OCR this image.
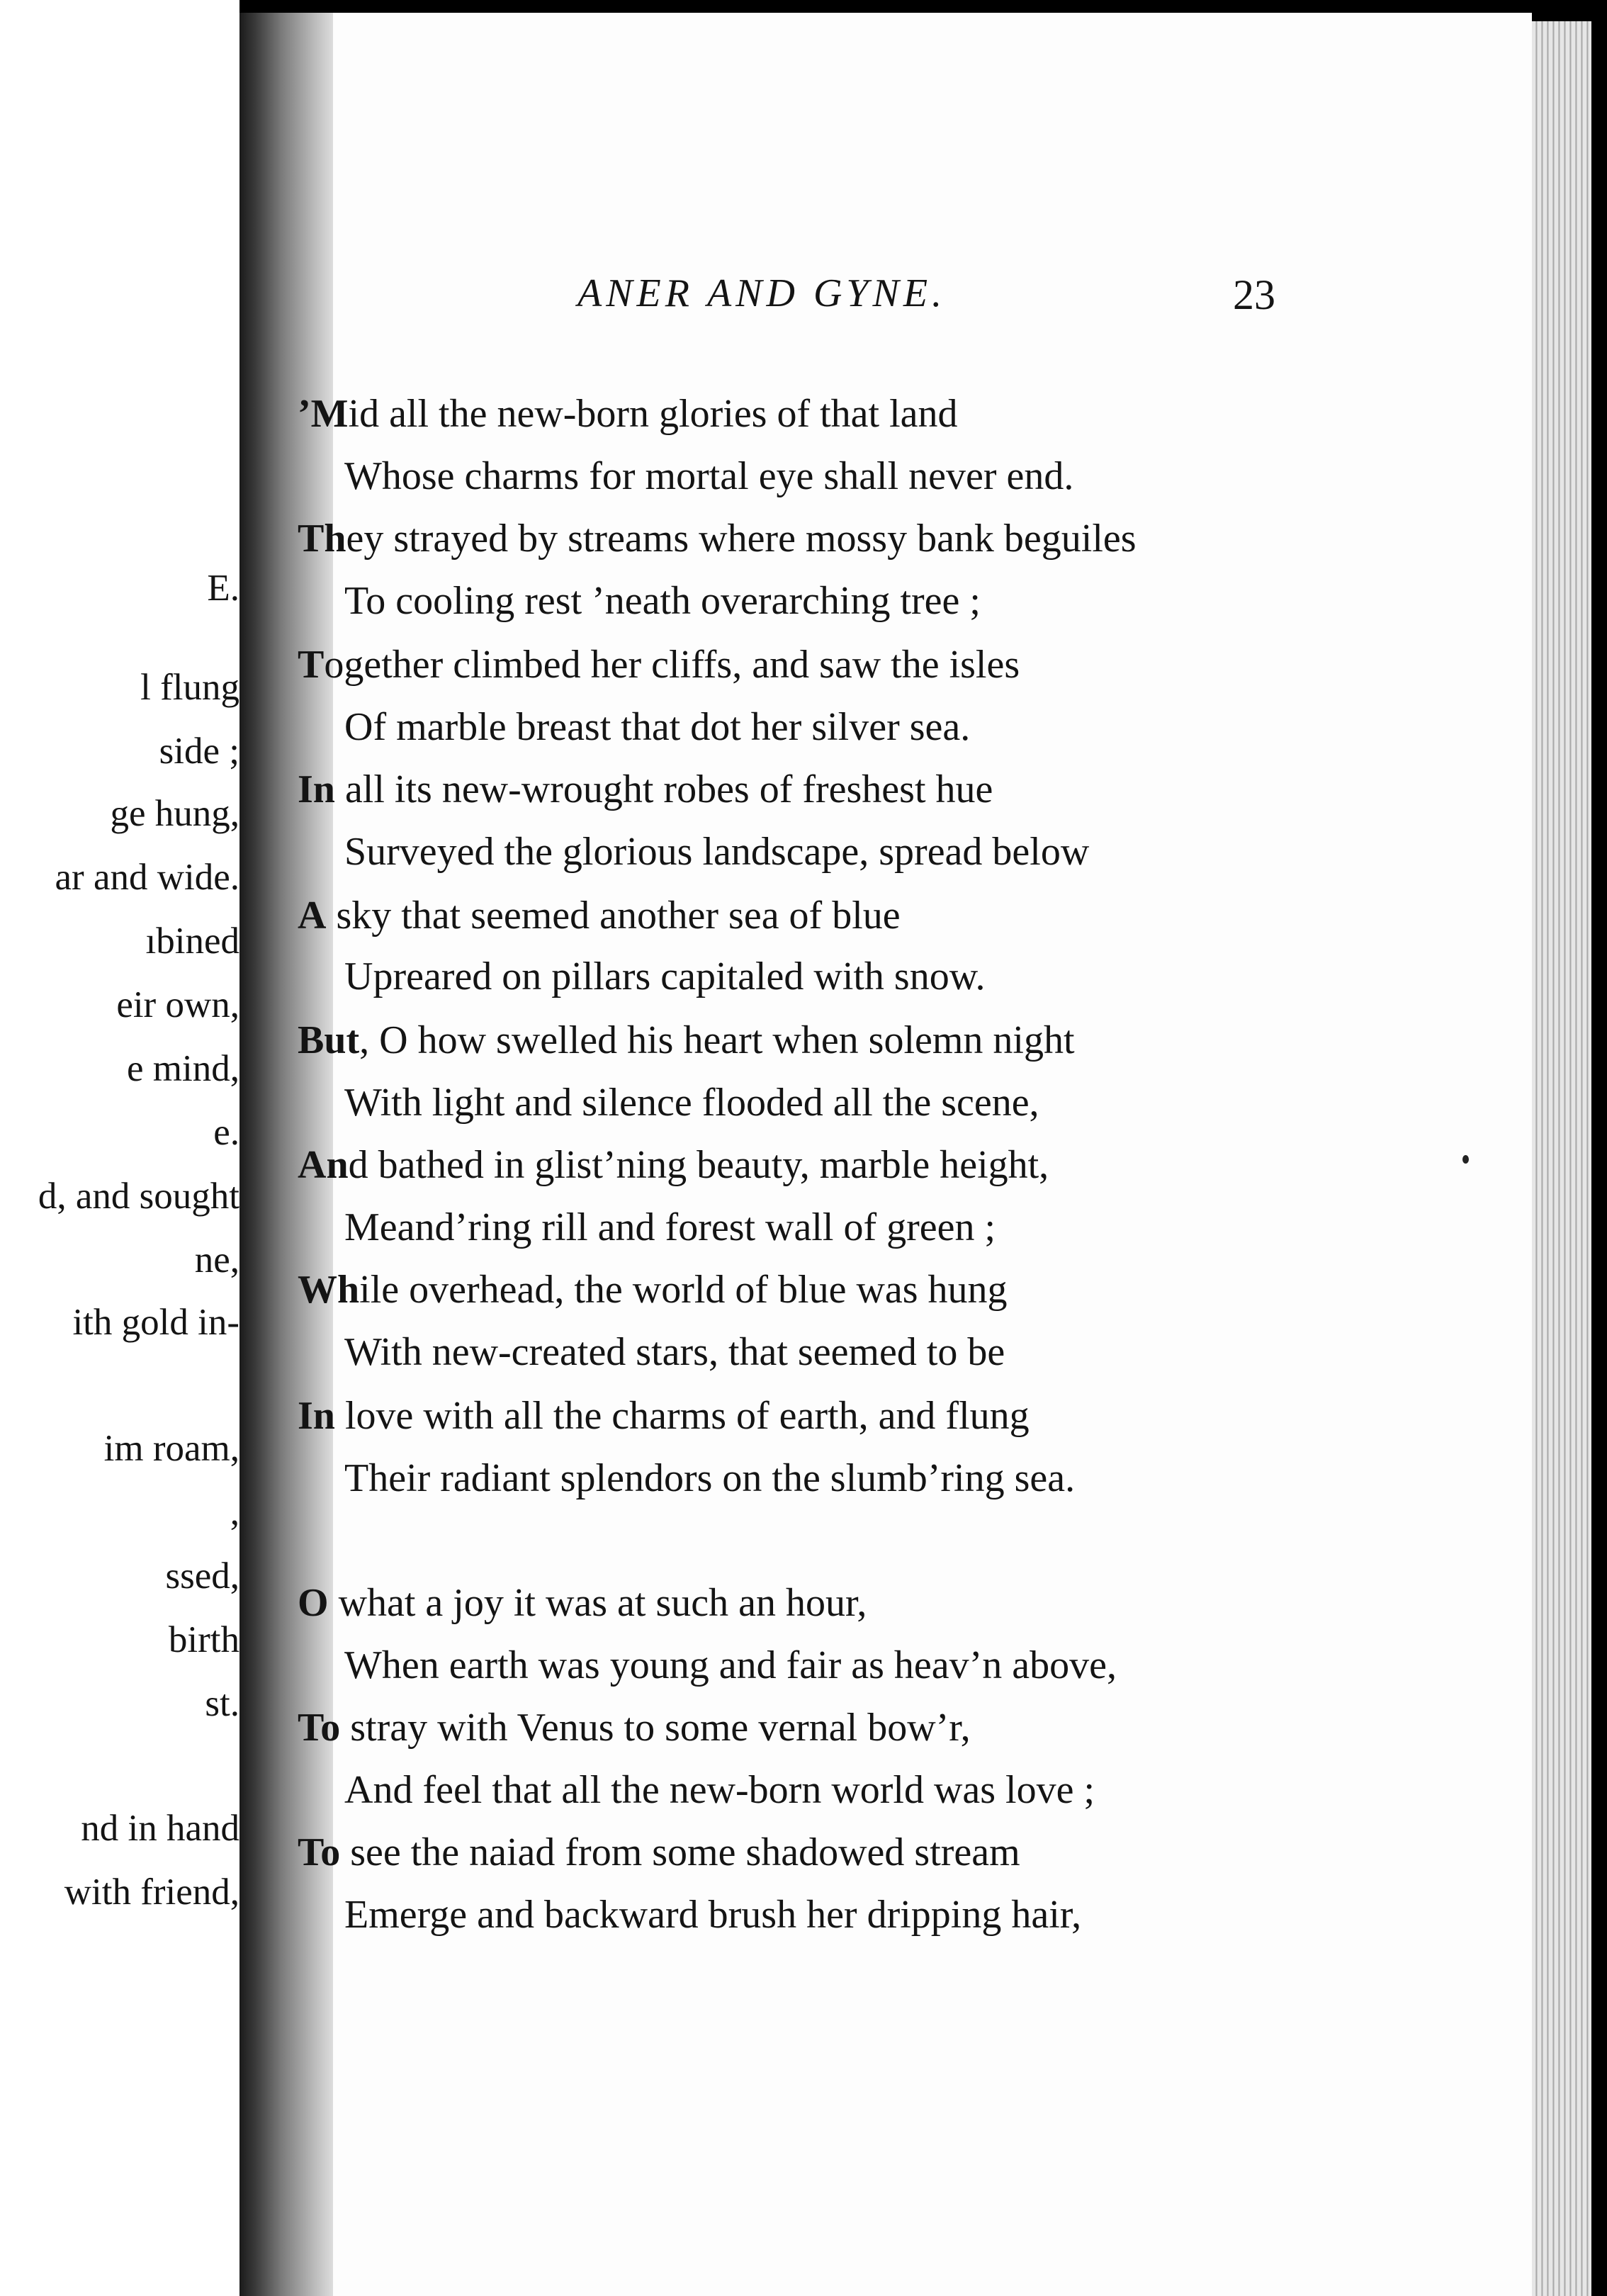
E.
l flung
side ;
ge hung,
ar and wide.
ıbined
eir own,
e mind,
e.
d, and sought
ne,
ith gold in-
im roam,
,
ssed,
birth
st.
nd in hand
with friend,
ANER AND GYNE.	23
’Mid all the new-born glories of that land
Whose charms for mortal eye shall never end.
They strayed by streams where mossy bank beguiles
To cooling rest ’neath overarching tree ;
Together climbed her cliffs, and saw the isles
Of marble breast that dot her silver sea.
In all its new-wrought robes of freshest hue
Surveyed the glorious landscape, spread below
A sky that seemed another sea of blue
Upreared on pillars capitaled with snow.
But, O how swelled his heart when solemn night
With light and silence flooded all the scene,
And bathed in glist’ning beauty, marble height,
Meand’ring rill and forest wall of green ;
While overhead, the world of blue was hung
With new-created stars, that seemed to be
In love with all the charms of earth, and flung
Their radiant splendors on the slumb’ring sea.
O what a joy it was at such an hour,
When earth was young and fair as heav’n above,
To stray with Venus to some vernal bow’r,
And feel that all the new-born world was love ;
To see the naiad from some shadowed stream
Emerge and backward brush her dripping hair,
